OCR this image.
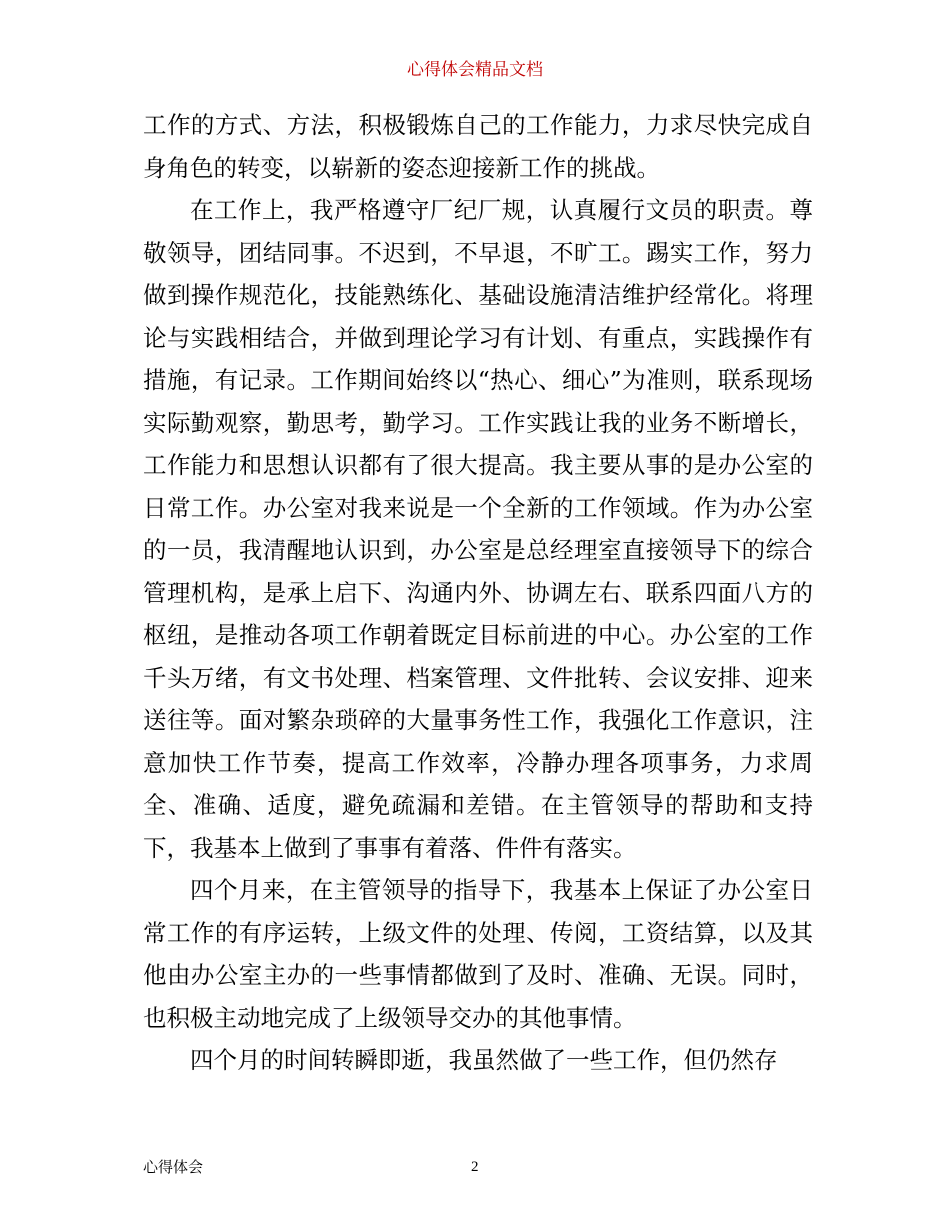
心得体会精品文档

工作的方式、方法，积极锻炼自己的工作能力，力求尽快完成自身角色的转变，以崭新的姿态迎接新工作的挑战。

在工作上，我严格遵守厂纪厂规，认真履行文员的职责。尊敬领导，团结同事。不迟到，不早退，不旷工。踢实工作，努力做到操作规范化，技能熟练化、基础设施清洁维护经常化。将理论与实践相结合，并做到理论学习有计划、有重点，实践操作有措施，有记录。工作期间始终以“热心、细心”为准则，联系现场实际勤观察，勤思考，勤学习。工作实践让我的业务不断增长，工作能力和思想认识都有了很大提高。我主要从事的是办公室的日常工作。办公室对我来说是一个全新的工作领域。作为办公室的一员，我清醒地认识到，办公室是总经理室直接领导下的综合管理机构，是承上启下、沟通内外、协调左右、联系四面八方的枢纽，是推动各项工作朝着既定目标前进的中心。办公室的工作千头万绪，有文书处理、档案管理、文件批转、会议安排、迎来送往等。面对繁杂琐碎的大量事务性工作，我强化工作意识，注意加快工作节奏，提高工作效率，冷静办理各项事务，力求周全、准确、适度，避免疏漏和差错。在主管领导的帮助和支持下，我基本上做到了事事有着落、件件有落实。

四个月来，在主管领导的指导下，我基本上保证了办公室日常工作的有序运转，上级文件的处理、传阅，工资结算，以及其他由办公室主办的一些事情都做到了及时、准确、无误。同时，也积极主动地完成了上级领导交办的其他事情。

四个月的时间转瞬即逝，我虽然做了一些工作，但仍然存

心得体会	2
